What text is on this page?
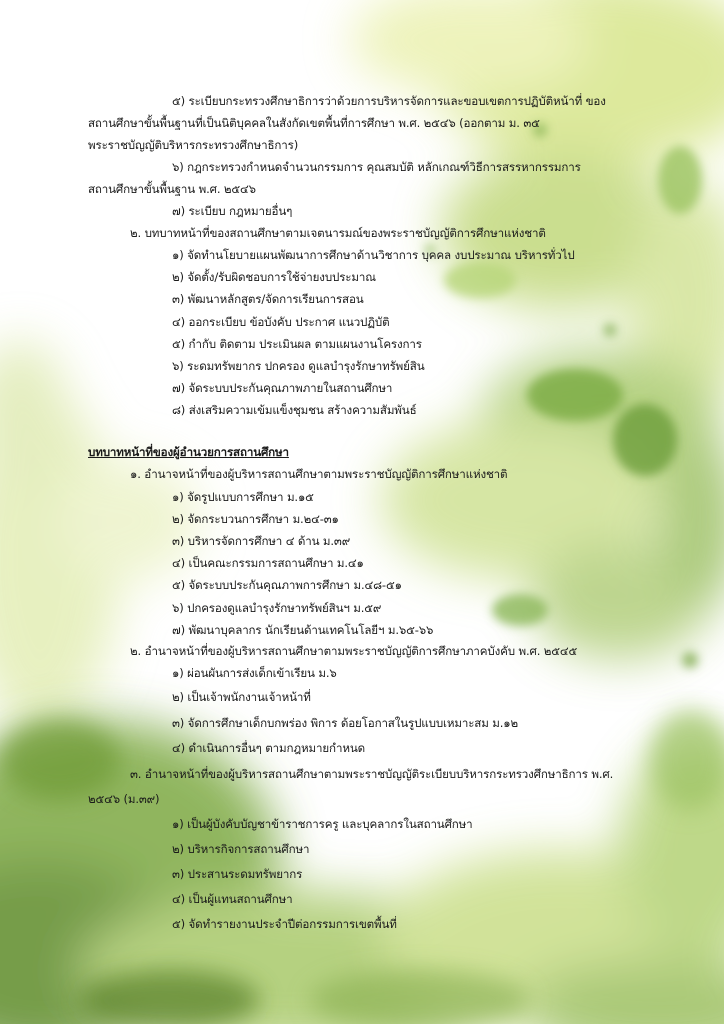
๕) ระเบียบกระทรวงศึกษาธิการว่าด้วยการบริหารจัดการและขอบเขตการปฏิบัติหน้าที่ ของ

สถานศึกษาขั้นพื้นฐานที่เป็นนิติบุคคลในสังกัดเขตพื้นที่การศึกษา พ.ศ. ๒๕๔๖ (ออกตาม ม. ๓๕

พระราชบัญญัติบริหารกระทรวงศึกษาธิการ)

๖) กฎกระทรวงกำหนดจำนวนกรรมการ คุณสมบัติ หลักเกณฑ์วิธีการสรรหากรรมการ

สถานศึกษาขั้นพื้นฐาน พ.ศ. ๒๕๔๖

๗) ระเบียบ กฎหมายอื่นๆ

๒. บทบาทหน้าที่ของสถานศึกษาตามเจตนารมณ์ของพระราชบัญญัติการศึกษาแห่งชาติ

๑) จัดทำนโยบายแผนพัฒนาการศึกษาด้านวิชาการ บุคคล งบประมาณ บริหารทั่วไป

๒) จัดตั้ง/รับผิดชอบการใช้จ่ายงบประมาณ

๓) พัฒนาหลักสูตร/จัดการเรียนการสอน

๔) ออกระเบียบ ข้อบังคับ ประกาศ แนวปฏิบัติ

๕) กำกับ ติดตาม ประเมินผล ตามแผนงานโครงการ

๖) ระดมทรัพยากร ปกครอง ดูแลบำรุงรักษาทรัพย์สิน

๗) จัดระบบประกันคุณภาพภายในสถานศึกษา

๘) ส่งเสริมความเข้มแข็งชุมชน สร้างความสัมพันธ์

บทบาทหน้าที่ของผู้อำนวยการสถานศึกษา

๑. อำนาจหน้าที่ของผู้บริหารสถานศึกษาตามพระราชบัญญัติการศึกษาแห่งชาติ

๑) จัดรูปแบบการศึกษา ม.๑๕

๒) จัดกระบวนการศึกษา ม.๒๔-๓๑

๓) บริหารจัดการศึกษา ๔ ด้าน ม.๓๙

๔) เป็นคณะกรรมการสถานศึกษา ม.๔๑

๕) จัดระบบประกันคุณภาพการศึกษา ม.๔๘-๕๑

๖) ปกครองดูแลบำรุงรักษาทรัพย์สินฯ ม.๕๙

๗) พัฒนาบุคลากร นักเรียนด้านเทคโนโลยีฯ ม.๖๕-๖๖

๒. อำนาจหน้าที่ของผู้บริหารสถานศึกษาตามพระราชบัญญัติการศึกษาภาคบังคับ พ.ศ. ๒๕๔๕

๑) ผ่อนผันการส่งเด็กเข้าเรียน ม.๖

๒) เป็นเจ้าพนักงานเจ้าหน้าที่

๓) จัดการศึกษาเด็กบกพร่อง พิการ ด้อยโอกาสในรูปแบบเหมาะสม ม.๑๒

๔) ดำเนินการอื่นๆ ตามกฎหมายกำหนด

๓. อำนาจหน้าที่ของผู้บริหารสถานศึกษาตามพระราชบัญญัติระเบียบบริหารกระทรวงศึกษาธิการ พ.ศ.

๒๕๔๖ (ม.๓๙)

๑) เป็นผู้บังคับบัญชาข้าราชการครู และบุคลากรในสถานศึกษา

๒) บริหารกิจการสถานศึกษา

๓) ประสานระดมทรัพยากร

๔) เป็นผู้แทนสถานศึกษา

๕) จัดทำรายงานประจำปีต่อกรรมการเขตพื้นที่
